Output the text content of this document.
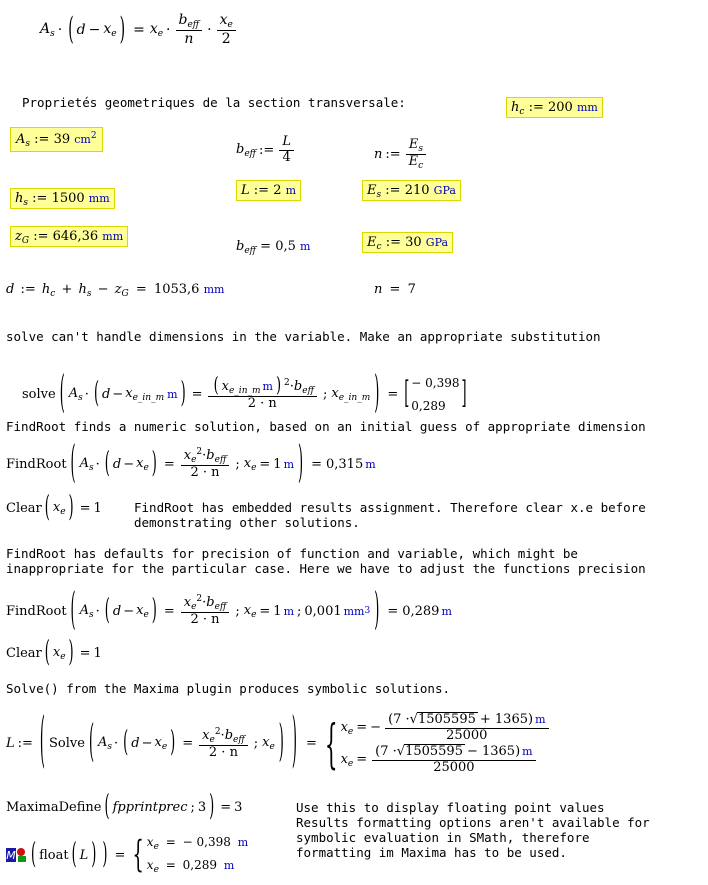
$A_s$ · ( $d - x_e$ ) = $x_e \cdot \frac{b_{eff}}{n} \cdot \frac{x_e}{2}$
Proprietés geometriques de la section transversale:	$h_c$ := 200 mm
$A_s$ := 39 $cm^2$
$b_{eff}$ := $\frac{L}{4}$	n := $\frac{E_s}{E_c}$
L := 2 m	$E_s$ := 210 GPa
$h_s$ := 1500 mm
$z_G$ := 646,36 mm
$b_{eff} = 0,5$ m	$E_c$ := 30 GPa
d := $h_c + h_s - z_G = 1053,6$ mm	n = 7
solve can't handle dimensions in the variable. Make an appropriate substitution
solve ( $A_s$ · ( $d - x_{e\_in\_m}$ m ) = $\frac{( x_{e\_in\_m} m ) ^2\cdot b_{eff}}{2 \cdot n}$ ; $x_{e\_in\_m}$ ) = [ − 0,398
0,289	]
FindRoot finds a numeric solution, based on an initial guess of appropriate dimension
FindRoot ( $A_s$ · ( $d - x_e$ ) = $\frac{x_e^2\cdot b_{eff}}{2 \cdot n}$ ; $x_e = 1$ m ) = 0,315 m
Clear ( $x_e$ ) = 1	FindRoot has embedded results assignment. Therefore clear x.e before
demonstrating other solutions.
FindRoot has defaults for precision of function and variable, which might be
inappropriate for the particular case. Here we have to adjust the functions precision
FindRoot ( $A_s$ · ( $d - x_e$ ) = $\frac{x_e^2\cdot b_{eff}}{2 \cdot n}$ ; $x_e = 1$ m ; 0,001 mm 3 ) = 0,289 m
Clear ( $x_e$ ) = 1
Solve() from the Maxima plugin produces symbolic solutions.
L := ( Solve ( $A_s$ · ( $d - x_e$ ) = $\frac{x_e^2\cdot b_{eff}}{2 \cdot n}$ ; $x_e$ ) ) = { $x_e$ = − $\frac{(7 \cdot√1505595 + 1365) m}{25000}$
$x_e = \frac{(7 \cdot√1505595 - 1365) m}{25000}$
MaximaDefine ( fpprintprec ; 3 ) = 3	Use this to display floating point values
Results formatting options aren't available for
symbolic evaluation in SMath, therefore
formatting im Maxima has to be used.
M ( float ( L ) ) = { $x_e$ = − 0,398 m
$x_e = 0,289$ m
